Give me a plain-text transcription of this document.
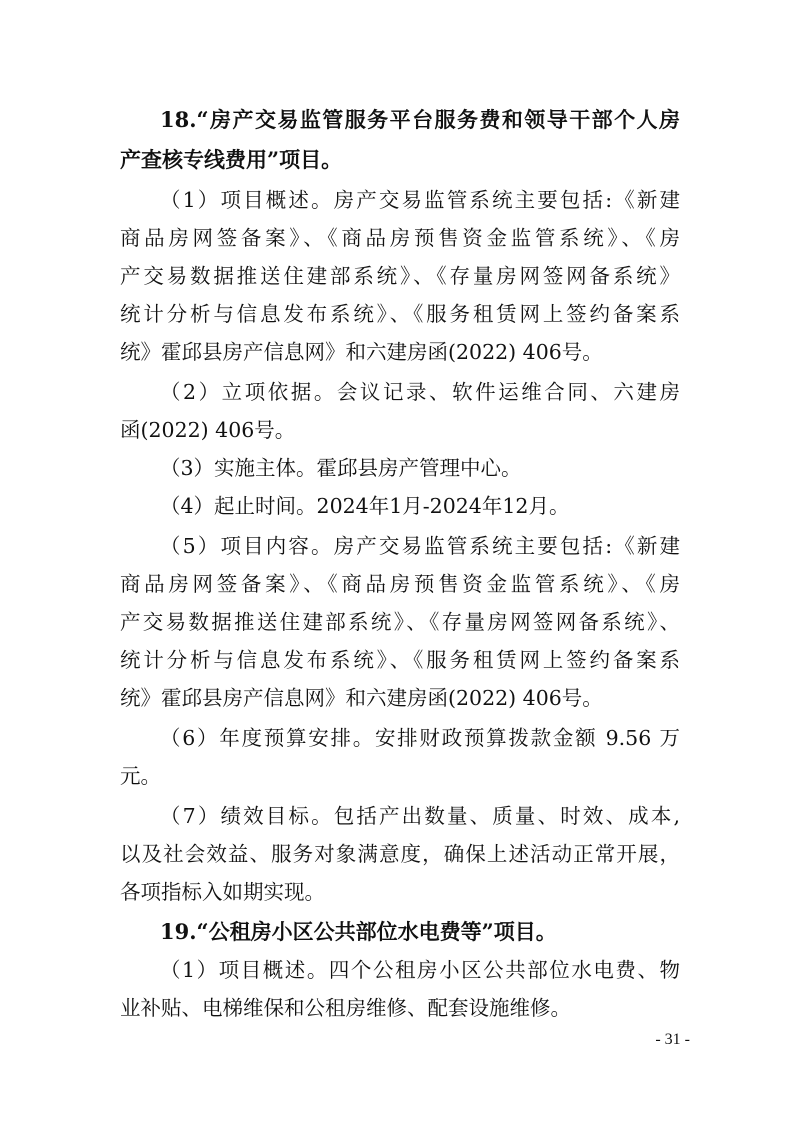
18.“房产交易监管服务平台服务费和领导干部个人房
产查核专线费用”项目。
（1）项目概述。房产交易监管系统主要包括:《新建
商品房网签备案》、《商品房预售资金监管系统》、《房
产交易数据推送住建部系统》、《存量房网签网备系统》
统计分析与信息发布系统》、《服务租赁网上签约备案系
统》霍邱县房产信息网》和六建房函(2022) 406号。
（2）立项依据。会议记录、软件运维合同、六建房
函(2022) 406号。
（3）实施主体。霍邱县房产管理中心。
（4）起止时间。2024年1月-2024年12月。
（5）项目内容。房产交易监管系统主要包括:《新建
商品房网签备案》、《商品房预售资金监管系统》、《房
产交易数据推送住建部系统》、《存量房网签网备系统》、
统计分析与信息发布系统》、《服务租赁网上签约备案系
统》霍邱县房产信息网》和六建房函(2022) 406号。
（6）年度预算安排。安排财政预算拨款金额 9.56 万
元。
（7）绩效目标。包括产出数量、质量、时效、成本,
以及社会效益、服务对象满意度，确保上述活动正常开展，
各项指标入如期实现。
19.“公租房小区公共部位水电费等”项目。
（1）项目概述。四个公租房小区公共部位水电费、物
业补贴、电梯维保和公租房维修、配套设施维修。
- 31 -
